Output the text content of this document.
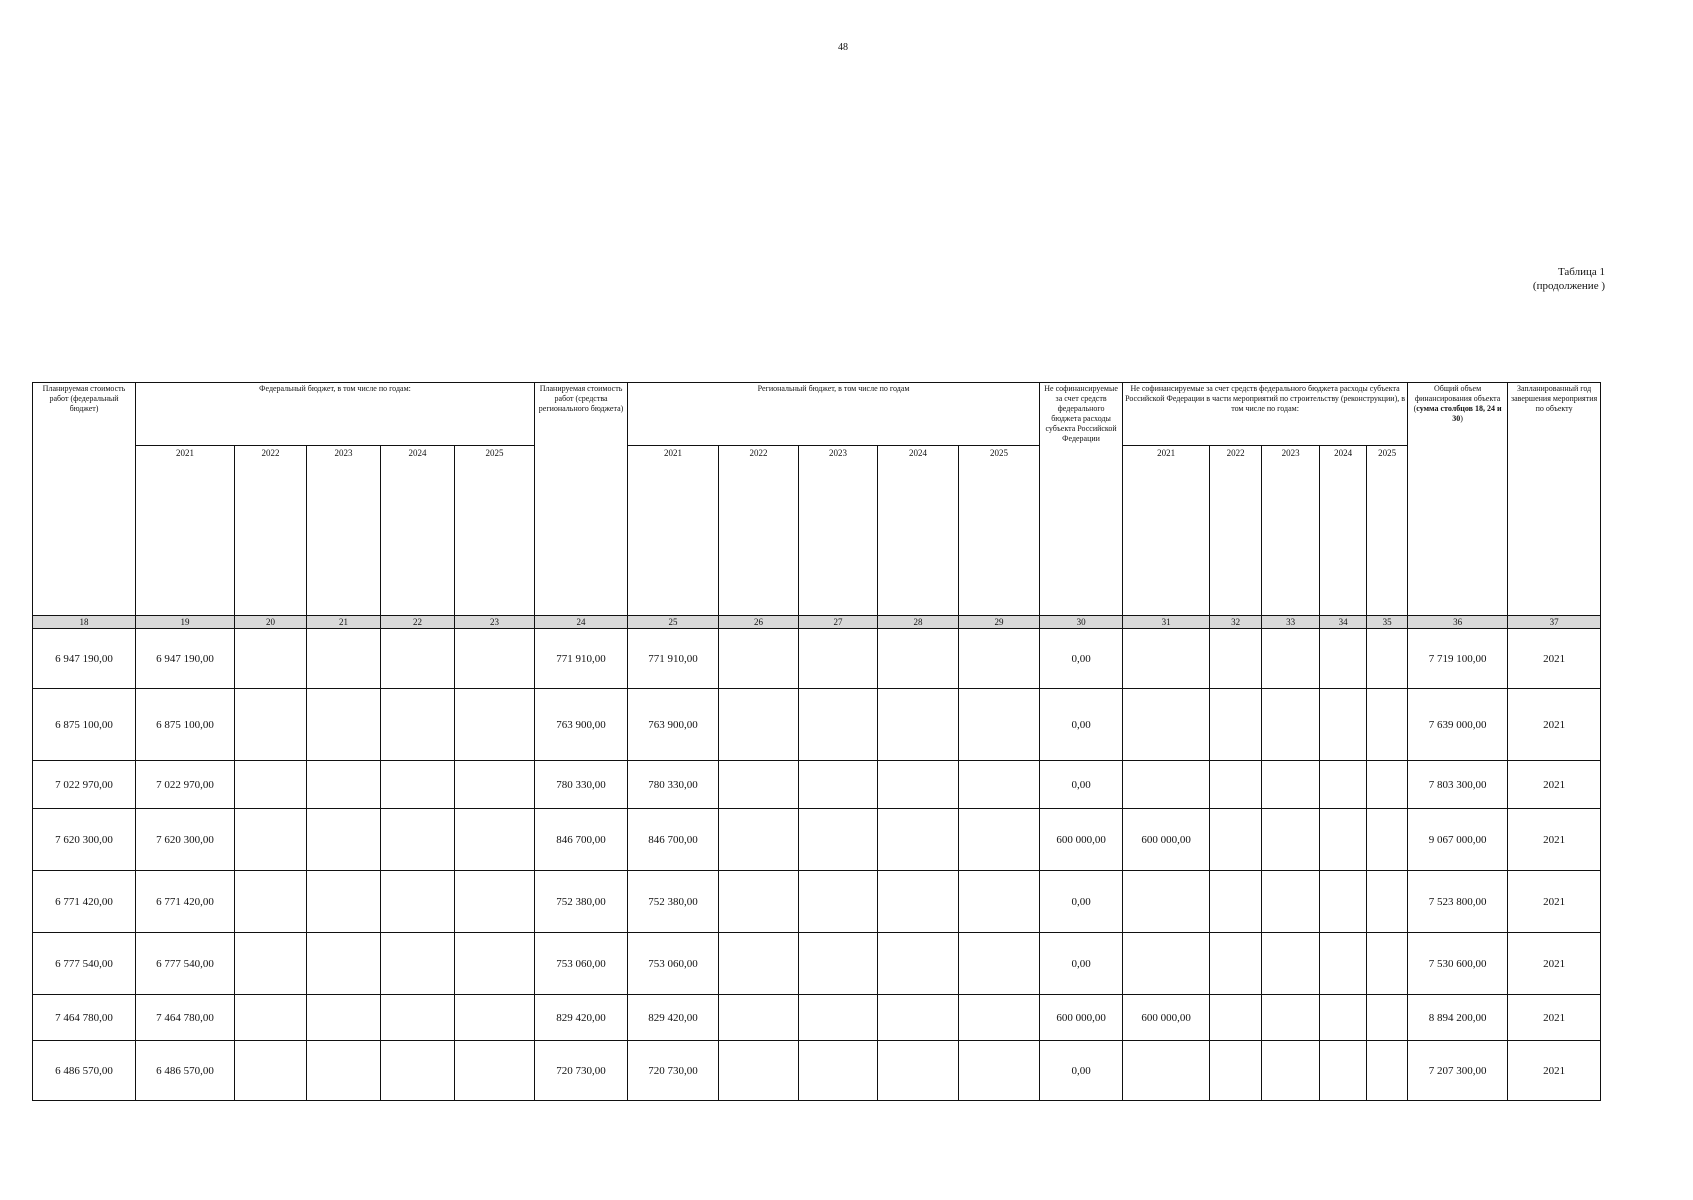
48
Таблица 1
(продолжение )
Планируемая стоимость работ (федеральный бюджет)	Федеральный бюджет, в том числе по годам:					Планируемая стоимость работ (средства регионального бюджета)	Региональный бюджет, в том числе по годам					Не софинансируемые за счет средств федерального бюджета расходы субъекта Российской Федерации	Не софинансируемые за счет средств федерального бюджета расходы субъекта Российской Федерации в части мероприятий по строительству (реконструкции), в том числе по годам:					Общий объем финансирования объекта (сумма столбцов 18, 24 и 30)	Запланированный год завершения мероприятия по объекту
	2021	2022	2023	2024	2025		2021	2022	2023	2024	2025		2021	2022	2023	2024	2025		
18	19	20	21	22	23	24	25	26	27	28	29	30	31	32	33	34	35	36	37
6 947 190,00	6 947 190,00					771 910,00	771 910,00					0,00						7 719 100,00	2021
6 875 100,00	6 875 100,00					763 900,00	763 900,00					0,00						7 639 000,00	2021
7 022 970,00	7 022 970,00					780 330,00	780 330,00					0,00						7 803 300,00	2021
7 620 300,00	7 620 300,00					846 700,00	846 700,00					600 000,00	600 000,00					9 067 000,00	2021
6 771 420,00	6 771 420,00					752 380,00	752 380,00					0,00						7 523 800,00	2021
6 777 540,00	6 777 540,00					753 060,00	753 060,00					0,00						7 530 600,00	2021
7 464 780,00	7 464 780,00					829 420,00	829 420,00					600 000,00	600 000,00					8 894 200,00	2021
6 486 570,00	6 486 570,00					720 730,00	720 730,00					0,00						7 207 300,00	2021
